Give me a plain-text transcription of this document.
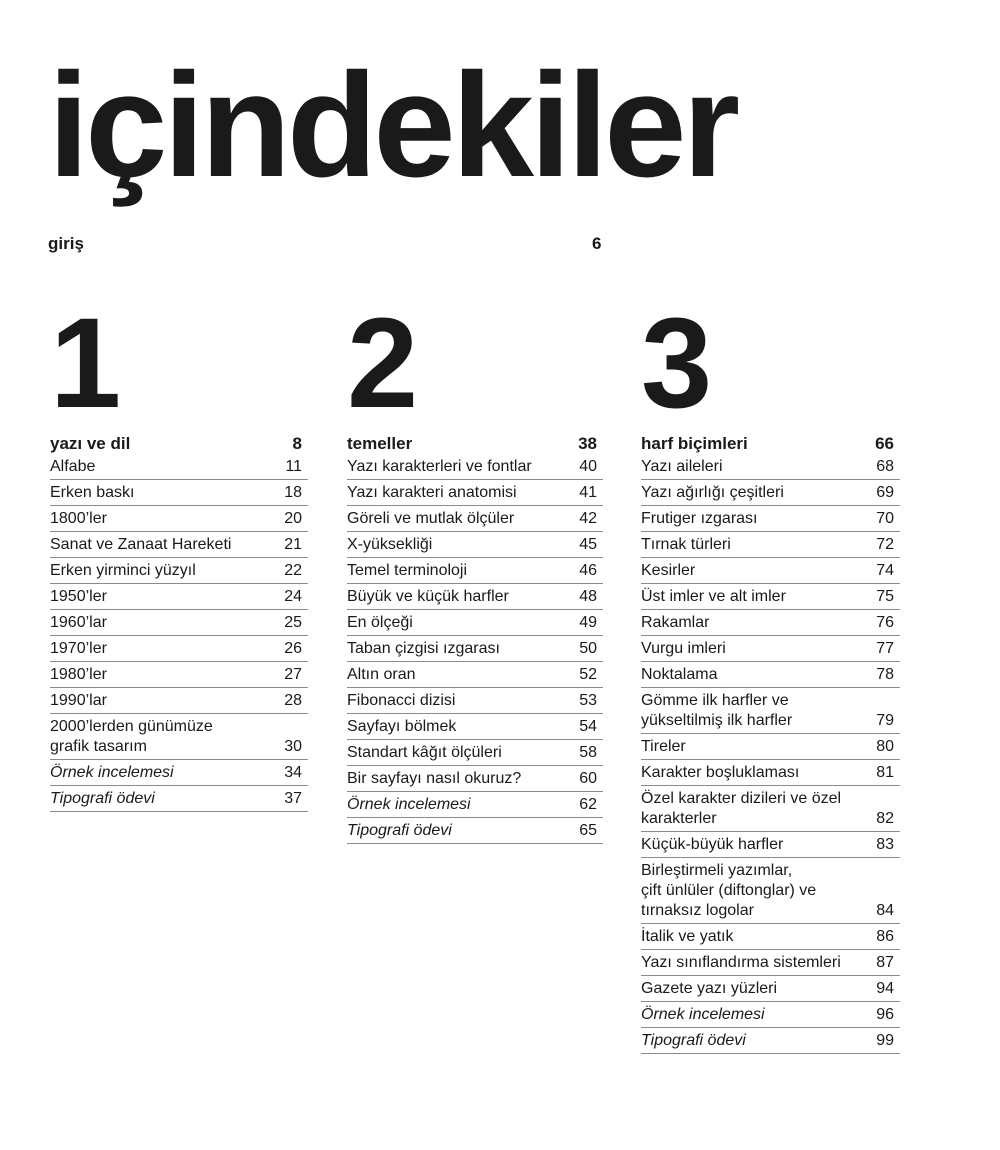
içindekiler
giriş	6
1
yazı ve dil	8
Alfabe	11
Erken baskı	18
1800’ler	20
Sanat ve Zanaat Hareketi	21
Erken yirminci yüzyıl	22
1950’ler	24
1960’lar	25
1970’ler	26
1980’ler	27
1990’lar	28
2000’lerden günümüze
grafik tasarım	30
Örnek incelemesi	34
Tipografi ödevi	37
2
temeller	38
Yazı karakterleri ve fontlar	40
Yazı karakteri anatomisi	41
Göreli ve mutlak ölçüler	42
X-yüksekliği	45
Temel terminoloji	46
Büyük ve küçük harfler	48
En ölçeği	49
Taban çizgisi ızgarası	50
Altın oran	52
Fibonacci dizisi	53
Sayfayı bölmek	54
Standart kâğıt ölçüleri	58
Bir sayfayı nasıl okuruz?	60
Örnek incelemesi	62
Tipografi ödevi	65
3
harf biçimleri	66
Yazı aileleri	68
Yazı ağırlığı çeşitleri	69
Frutiger ızgarası	70
Tırnak türleri	72
Kesirler	74
Üst imler ve alt imler	75
Rakamlar	76
Vurgu imleri	77
Noktalama	78
Gömme ilk harfler ve
yükseltilmiş ilk harfler	79
Tireler	80
Karakter boşluklaması	81
Özel karakter dizileri ve özel
karakterler	82
Küçük-büyük harfler	83
Birleştirmeli yazımlar,
çift ünlüler (diftonglar) ve
tırnaksız logolar	84
İtalik ve yatık	86
Yazı sınıflandırma sistemleri 87
Gazete yazı yüzleri	94
Örnek incelemesi	96
Tipografi ödevi	99
